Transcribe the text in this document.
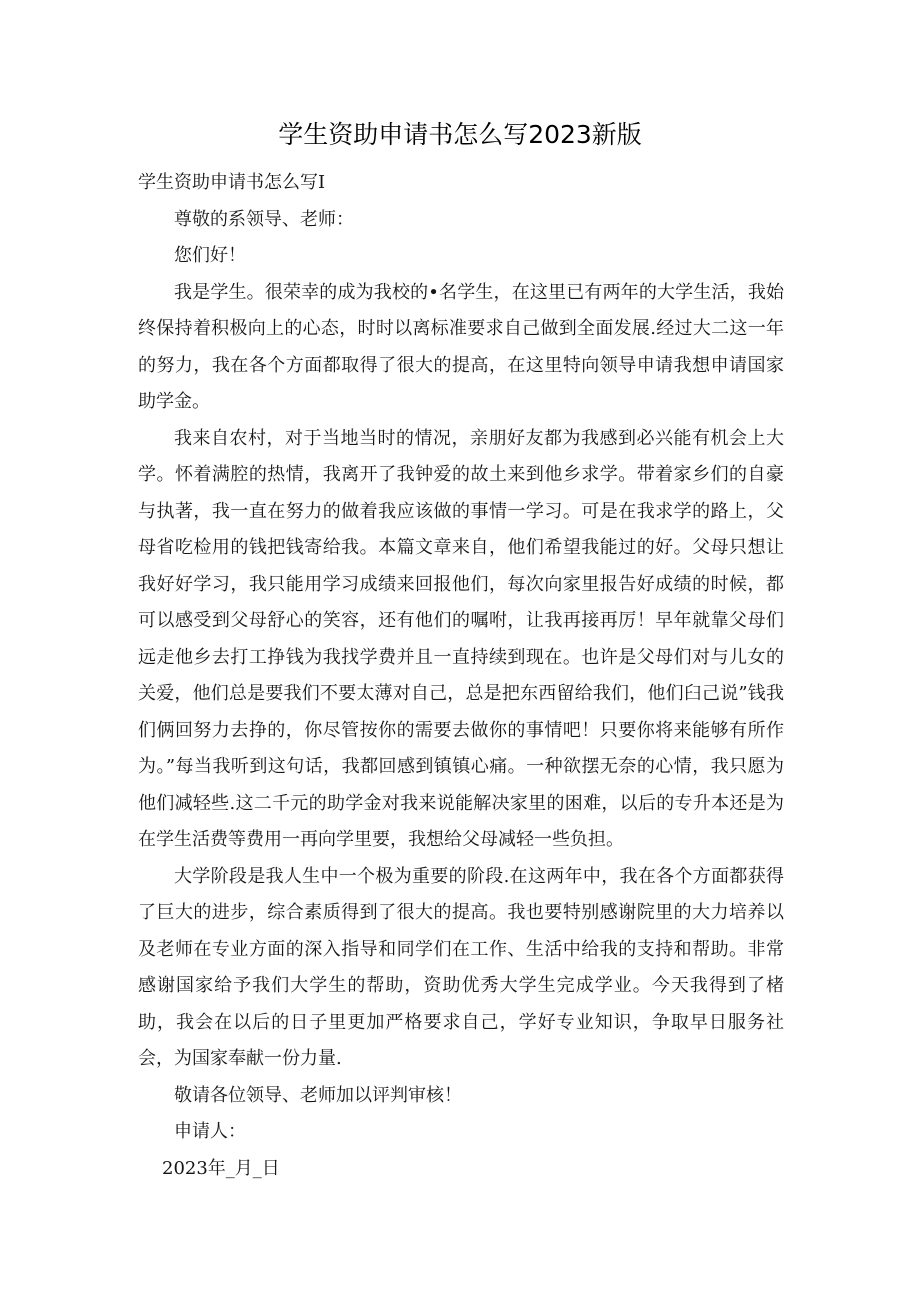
学生资助申请书怎么写2023新版

学生资助申请书怎么写I

尊敬的系领导、老师：

您们好！

我是学生。很荣幸的成为我校的•名学生，在这里已有两年的大学生活，我始终保持着积极向上的心态，时时以离标准要求自己做到全面发展.经过大二这一年的努力，我在各个方面都取得了很大的提高，在这里特向领导申请我想申请国家助学金。

我来自农村，对于当地当时的情况，亲朋好友都为我感到必兴能有机会上大学。怀着满腔的热情，我离开了我钟爱的故土来到他乡求学。带着家乡们的自豪与执著，我一直在努力的做着我应该做的事情一学习。可是在我求学的路上，父母省吃检用的钱把钱寄给我。本篇文章来自，他们希望我能过的好。父母只想让我好好学习，我只能用学习成绩来回报他们，每次向家里报告好成绩的时候，都可以感受到父母舒心的笑容，还有他们的嘱咐，让我再接再厉！早年就靠父母们远走他乡去打工挣钱为我找学费并且一直持续到现在。也许是父母们对与儿女的关爱，他们总是要我们不要太薄对自己，总是把东西留给我们，他们臼己说”钱我们俩回努力去挣的，你尽管按你的需要去做你的事情吧！只要你将来能够有所作为。”每当我听到这句话，我都回感到镇镇心痛。一种欲摆无奈的心情，我只愿为他们减轻些.这二千元的助学金对我来说能解决家里的困难，以后的专升本还是为在学生活费等费用一再向学里要，我想给父母减轻一些负担。

大学阶段是我人生中一个极为重要的阶段.在这两年中，我在各个方面都获得了巨大的进步，综合素质得到了很大的提高。我也要特别感谢院里的大力培养以及老师在专业方面的深入指导和同学们在工作、生活中给我的支持和帮助。非常感谢国家给予我们大学生的帮助，资助优秀大学生完成学业。今天我得到了楮助，我会在以后的日子里更加严格要求自己，学好专业知识，争取早日服务社会，为国家奉献一份力量.

敬请各位领导、老师加以评判审核！

申请人：

2023年_月_日
